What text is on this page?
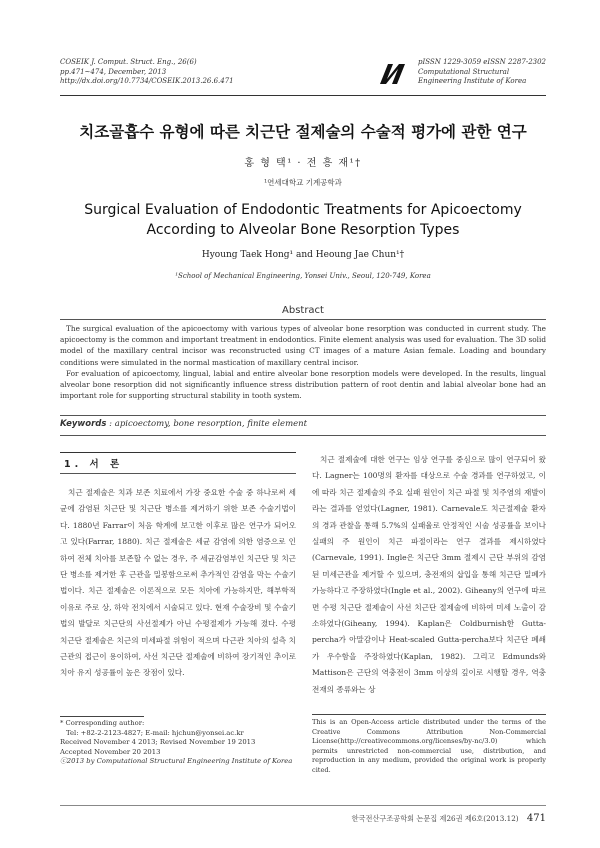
COSEIK J. Comput. Struct. Eng., 26(6)
pp.471~474, December, 2013
http://dx.doi.org/10.7734/COSEIK.2013.26.6.471
pISSN 1229-3059 eISSN 2287-2302
Computational Structural
Engineering Institute of Korea
치조골흡수 유형에 따른 치근단 절제술의 수술적 평가에 관한 연구
홍 형 택¹ · 전 흥 재¹†
¹연세대학교 기계공학과
Surgical Evaluation of Endodontic Treatments for Apicoectomy
According to Alveolar Bone Resorption Types
Hyoung Taek Hong¹ and Heoung Jae Chun¹†
¹School of Mechanical Engineering, Yonsei Univ., Seoul, 120-749, Korea
Abstract

The surgical evaluation of the apicoectomy with various types of alveolar bone resorption was conducted in current study. The apicoectomy is the common and important treatment in endodontics. Finite element analysis was used for evaluation. The 3D solid model of the maxillary central incisor was reconstructed using CT images of a mature Asian female. Loading and boundary conditions were simulated in the normal mastication of maxillary central incisor.

For evaluation of apicoectomy, lingual, labial and entire alveolar bone resorption models were developed. In the results, lingual alveolar bone resorption did not significantly influence stress distribution pattern of root dentin and labial alveolar bone had an important role for supporting structural stability in tooth system.

Keywords : apicoectomy, bone resorption, finite element
1. 서 론

치근 절제술은 치과 보존 치료에서 가장 중요한 수술 중 하나로써 세균에 감염된 치근단 및 치근단 병소를 제거하기 위한 보존 수술기법이다. 1880년 Farrar이 처음 학계에 보고한 이후로 많은 연구가 되어오고 있다(Farrar, 1880). 치근 절제술은 세균 감염에 의한 염증으로 인하여 전체 치아를 보존할 수 없는 경우, 주 세균감염부인 치근단 및 치근단 병소를 제거한 후 근관을 밀봉함으로써 추가적인 감염을 막는 수술기법이다. 치근 절제술은 이론적으로 모든 치아에 가능하지만, 해부학적 이유로 주로 상, 하악 전치에서 시술되고 있다. 현재 수술장비 및 수술기법의 발달로 치근단의 사선절제가 아닌 수평절제가 가능해 졌다. 수평 치근단 절제술은 치근의 미세파절 위험이 적으며 다근관 치아의 설측 치근관의 접근이 용이하여, 사선 치근단 절제술에 비하여 장기적인 추이로 치아 유지 성공률이 높은 장점이 있다.

치근 절제술에 대한 연구는 임상 연구를 중심으로 많이 연구되어 왔다. Lagner는 100명의 환자를 대상으로 수술 경과를 연구하였고, 이에 따라 치근 절제술의 주요 실패 원인이 치근 파절 및 치주염의 재발이라는 결과를 얻었다(Lagner, 1981). Carnevale도 치근절제술 환자의 경과 관찰을 통해 5.7%의 실패율로 안정적인 시술 성공률을 보이나 실패의 주 원인이 치근 파절이라는 연구 결과를 제시하였다(Carnevale, 1991). Ingle은 치근단 3mm 절제시 근단 부위의 감염된 미세근관을 제거할 수 있으며, 충전재의 삽입을 통해 치근단 밀폐가 가능하다고 주장하였다(Ingle et al., 2002). Giheany의 연구에 따르면 수평 치근단 절제술이 사선 치근단 절제술에 비하여 미세 노출이 감소하였다(Giheany, 1994). Kaplan은 Coldburnish한 Gutta-percha가 아말감이나 Heat-scaled Gutta-percha보다 치근단 폐쇄가 우수함을 주장하였다(Kaplan, 1982). 그리고 Edmunds와 Mattison은 근단의 역충전이 3mm 이상의 깊이로 시행할 경우, 역충전재의 종류와는 상

* Corresponding author:
Tel: +82-2-2123-4827; E-mail: hjchun@yonsei.ac.kr
Received November 4 2013; Revised November 19 2013
Accepted November 20 2013
ⓒ2013 by Computational Structural Engineering Institute of Korea
This is an Open-Access article distributed under the terms of the Creative Commons Attribution Non-Commercial License(http://creativecommons.org/licenses/by-nc/3.0) which permits unrestricted non-commercial use, distribution, and reproduction in any medium, provided the original work is properly cited.
한국전산구조공학회 논문집 제26권 제6호(2013.12) 471
